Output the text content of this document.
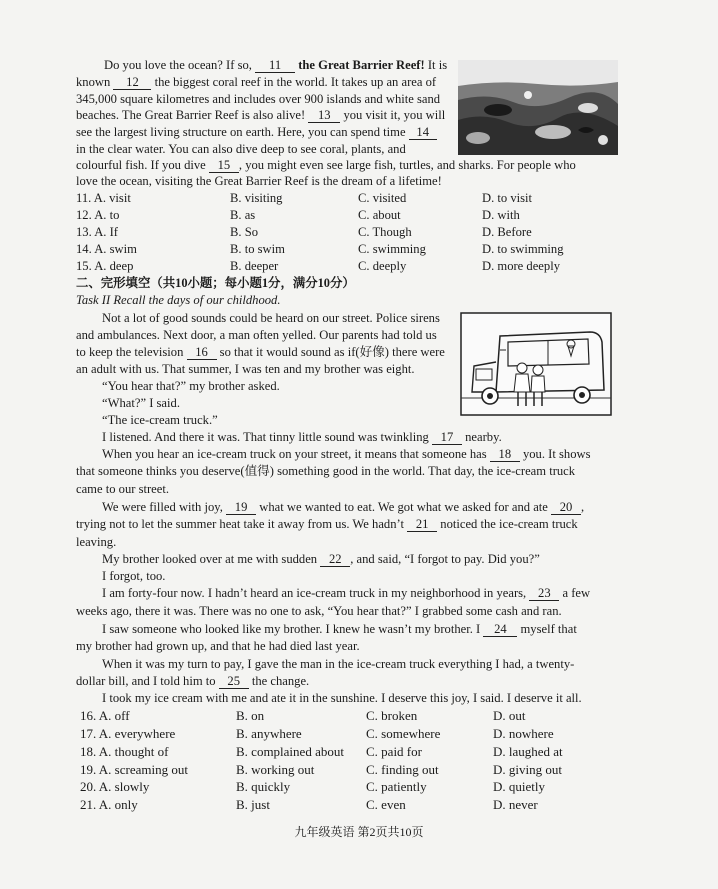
Do you love the ocean? If so, 11 the Great Barrier Reef! It is
known 12 the biggest coral reef in the world. It takes up an area of
345,000 square kilometres and includes over 900 islands and white sand
beaches. The Great Barrier Reef is also alive! 13 you visit it, you will
see the largest living structure on earth. Here, you can spend time 14
in the clear water. You can also dive deep to see coral, plants, and
colourful fish. If you dive 15 , you might even see large fish, turtles, and sharks. For people who
love the ocean, visiting the Great Barrier Reef is the dream of a lifetime!
11. A. visit	B. visiting	C. visited	D. to visit
12. A. to	B. as	C. about	D. with
13. A. If	B. So	C. Though	D. Before
14. A. swim	B. to swim	C. swimming	D. to swimming
15. A. deep	B. deeper	C. deeply	D. more deeply
二、完形填空（共10小题；每小题1分，满分10分）
Task II Recall the days of our childhood.
Not a lot of good sounds could be heard on our street. Police sirens
and ambulances. Next door, a man often yelled. Our parents had told us
to keep the television 16 so that it would sound as if(好像) there were
an adult with us. That summer, I was ten and my brother was eight.
“You hear that?” my brother asked.
“What?” I said.
“The ice-cream truck.”
I listened. And there it was. That tinny little sound was twinkling 17 nearby.
When you hear an ice-cream truck on your street, it means that someone has 18 you. It shows
that someone thinks you deserve(值得) something good in the world. That day, the ice-cream truck
came to our street.
We were filled with joy, 19 what we wanted to eat. We got what we asked for and ate 20 ,
trying not to let the summer heat take it away from us. We hadn’t 21 noticed the ice-cream truck
leaving.
My brother looked over at me with sudden 22 , and said, “I forgot to pay. Did you?”
I forgot, too.
I am forty-four now. I hadn’t heard an ice-cream truck in my neighborhood in years, 23 a few
weeks ago, there it was. There was no one to ask, “You hear that?” I grabbed some cash and ran.
I saw someone who looked like my brother. I knew he wasn’t my brother. I 24 myself that
my brother had grown up, and that he had died last year.
When it was my turn to pay, I gave the man in the ice-cream truck everything I had, a twenty-
dollar bill, and I told him to 25 the change.
I took my ice cream with me and ate it in the sunshine. I deserve this joy, I said. I deserve it all.
16. A. off	B. on	C. broken	D. out
17. A. everywhere	B. anywhere	C. somewhere	D. nowhere
18. A. thought of	B. complained about C. paid for	D. laughed at
19. A. screaming out	B. working out	C. finding out	D. giving out
20. A. slowly	B. quickly	C. patiently	D. quietly
21. A. only	B. just	C. even	D. never
九年级英语 第2页共10页
